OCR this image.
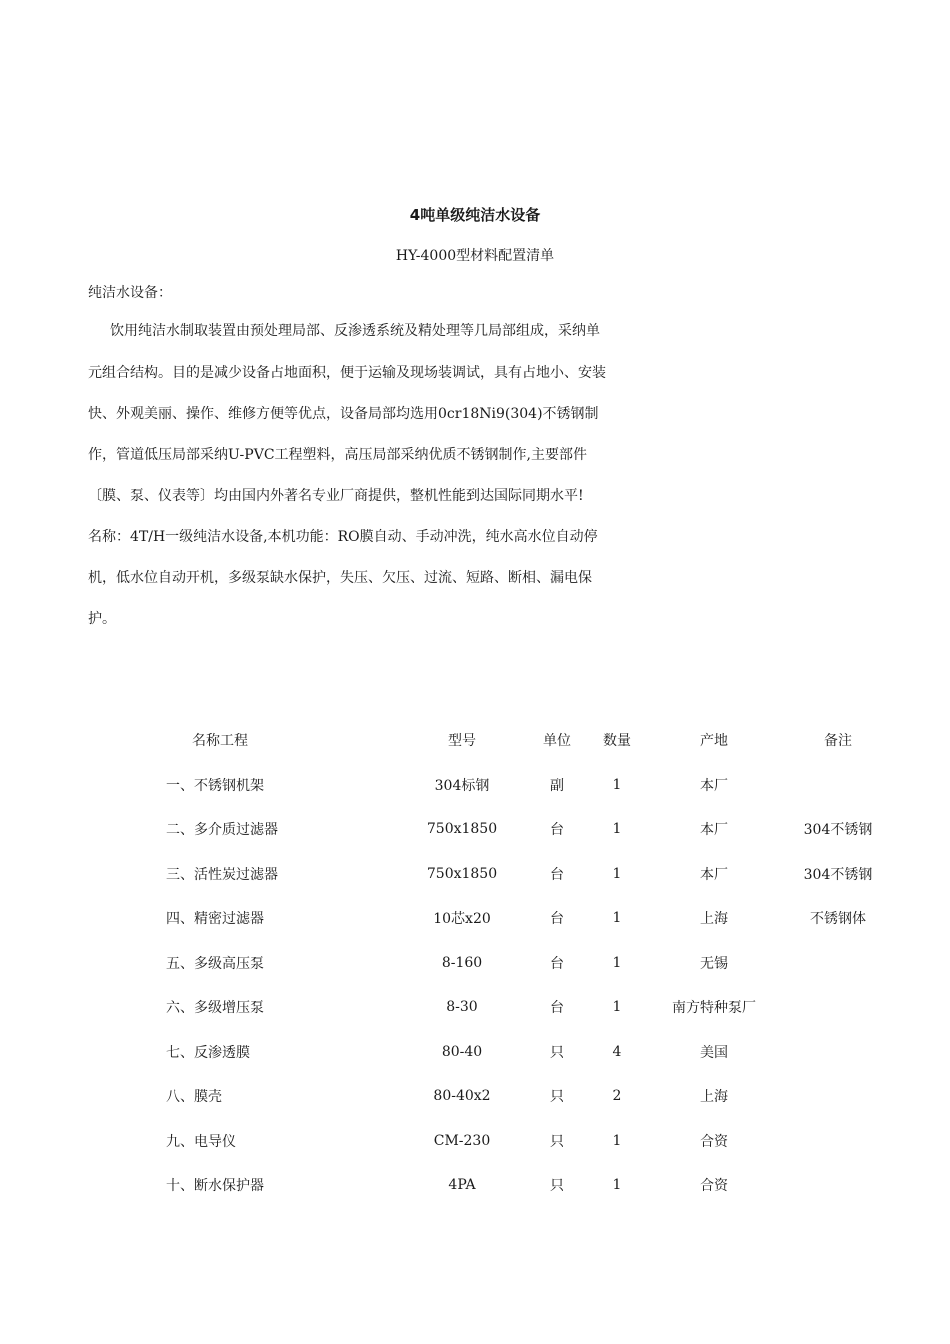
4吨单级纯洁水设备

HY-4000型材料配置清单

纯洁水设备：

饮用纯洁水制取装置由预处理局部、反渗透系统及精处理等几局部组成，采纳单

元组合结构。目的是减少设备占地面积，便于运输及现场装调试，具有占地小、安装

快、外观美丽、操作、维修方便等优点，设备局部均选用0cr18Ni9(304)不锈钢制

作，管道低压局部采纳U-PVC工程塑料，高压局部采纳优质不锈钢制作,主要部件

〔膜、泵、仪表等〕均由国内外著名专业厂商提供，整机性能到达国际同期水平!

名称：4T/H一级纯洁水设备,本机功能：RO膜自动、手动冲洗，纯水高水位自动停

机，低水位自动开机，多级泵缺水保护，失压、欠压、过流、短路、断相、漏电保

护。

名称工程	型号	单位	数量	产地	备注
一、不锈钢机架	304标钢	副	1	本厂	
二、多介质过滤器	750x1850	台	1	本厂	304不锈钢
三、活性炭过滤器	750x1850	台	1	本厂	304不锈钢
四、精密过滤器	10芯x20	台	1	上海	不锈钢体
五、多级高压泵	8-160	台	1	无锡	
六、多级增压泵	8-30	台	1	南方特种泵厂	
七、反渗透膜	80-40	只	4	美国	
八、膜壳	80-40x2	只	2	上海	
九、电导仪	CM-230	只	1	合资	
十、断水保护器	4PA	只	1	合资	
